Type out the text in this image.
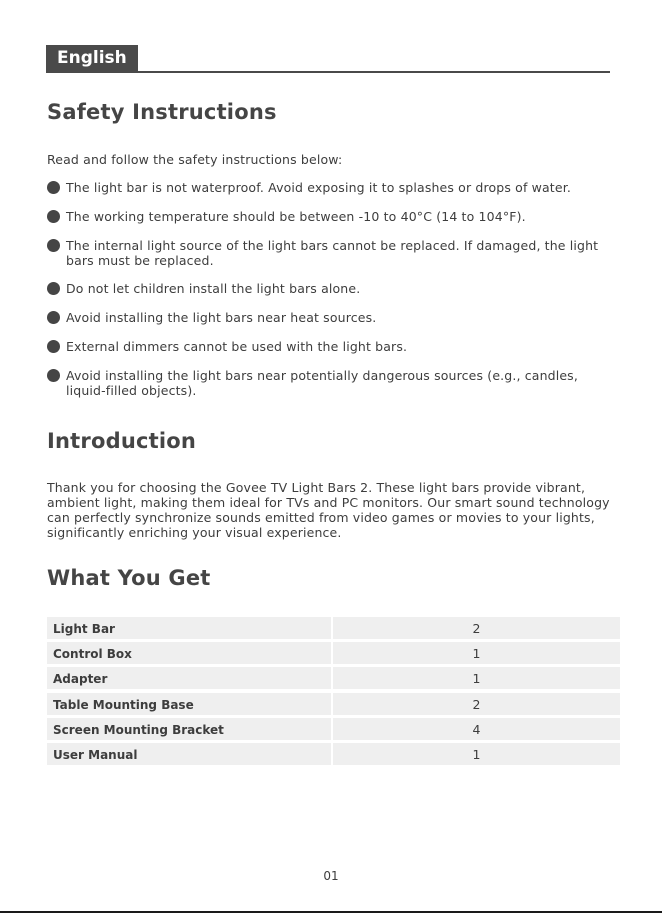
English
Safety Instructions

Read and follow the safety instructions below:

The light bar is not waterproof. Avoid exposing it to splashes or drops of water.
The working temperature should be between -10 to 40°C (14 to 104°F).
The internal light source of the light bars cannot be replaced. If damaged, the light bars must be replaced.
Do not let children install the light bars alone.
Avoid installing the light bars near heat sources.
External dimmers cannot be used with the light bars.
Avoid installing the light bars near potentially dangerous sources (e.g., candles, liquid-filled objects).
Introduction

Thank you for choosing the Govee TV Light Bars 2. These light bars provide vibrant, ambient light, making them ideal for TVs and PC monitors. Our smart sound technology can perfectly synchronize sounds emitted from video games or movies to your lights, significantly enriching your visual experience.

What You Get
Light Bar	2
Control Box	1
Adapter	1
Table Mounting Base	2
Screen Mounting Bracket	4
User Manual	1
01
